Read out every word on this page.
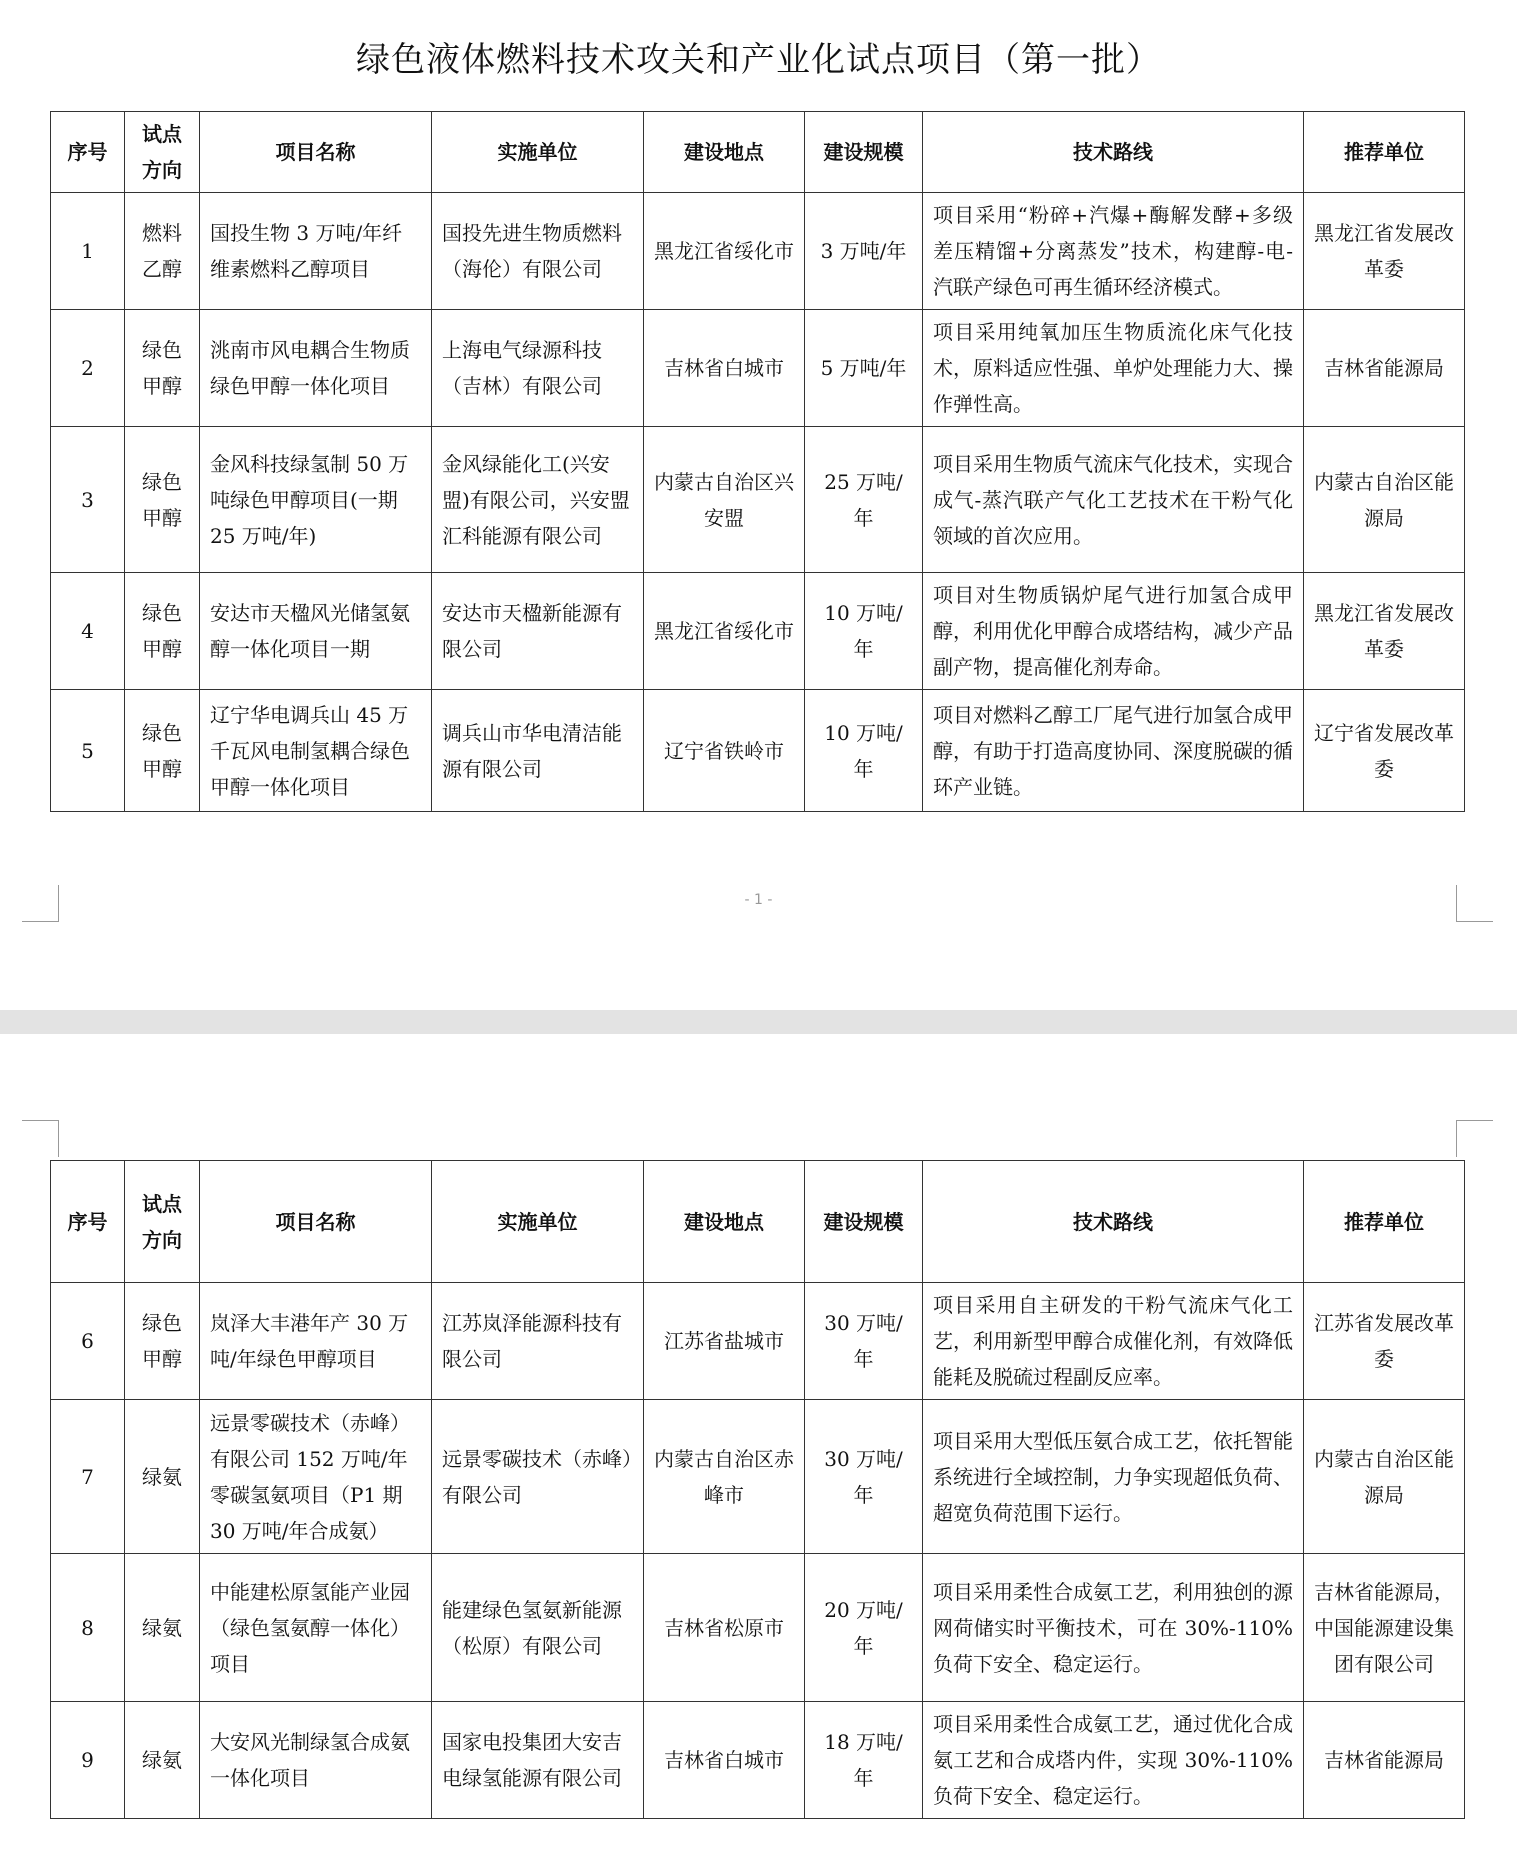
绿色液体燃料技术攻关和产业化试点项目（第一批）
序号	试点方向	项目名称	实施单位	建设地点	建设规模	技术路线	推荐单位
1	燃料乙醇	国投生物 3 万吨/年纤维素燃料乙醇项目	国投先进生物质燃料（海伦）有限公司	黑龙江省绥化市	3 万吨/年	项目采用“粉碎+汽爆+酶解发酵+多级差压精馏+分离蒸发”技术，构建醇-电-汽联产绿色可再生循环经济模式。	黑龙江省发展改革委
2	绿色甲醇	洮南市风电耦合生物质绿色甲醇一体化项目	上海电气绿源科技（吉林）有限公司	吉林省白城市	5 万吨/年	项目采用纯氧加压生物质流化床气化技术，原料适应性强、单炉处理能力大、操作弹性高。	吉林省能源局
3	绿色甲醇	金风科技绿氢制 50 万吨绿色甲醇项目(一期 25 万吨/年)	金风绿能化工(兴安盟)有限公司，兴安盟汇科能源有限公司	内蒙古自治区兴安盟	25 万吨/年	项目采用生物质气流床气化技术，实现合成气-蒸汽联产气化工艺技术在干粉气化领域的首次应用。	内蒙古自治区能源局
4	绿色甲醇	安达市天楹风光储氢氨醇一体化项目一期	安达市天楹新能源有限公司	黑龙江省绥化市	10 万吨/年	项目对生物质锅炉尾气进行加氢合成甲醇，利用优化甲醇合成塔结构，减少产品副产物，提高催化剂寿命。	黑龙江省发展改革委
5	绿色甲醇	辽宁华电调兵山 45 万千瓦风电制氢耦合绿色甲醇一体化项目	调兵山市华电清洁能源有限公司	辽宁省铁岭市	10 万吨/年	项目对燃料乙醇工厂尾气进行加氢合成甲醇，有助于打造高度协同、深度脱碳的循环产业链。	辽宁省发展改革委
- 1 -
序号	试点方向	项目名称	实施单位	建设地点	建设规模	技术路线	推荐单位
6	绿色甲醇	岚泽大丰港年产 30 万吨/年绿色甲醇项目	江苏岚泽能源科技有限公司	江苏省盐城市	30 万吨/年	项目采用自主研发的干粉气流床气化工艺，利用新型甲醇合成催化剂，有效降低能耗及脱硫过程副反应率。	江苏省发展改革委
7	绿氨	远景零碳技术（赤峰）有限公司 152 万吨/年零碳氢氨项目（P1 期 30 万吨/年合成氨）	远景零碳技术（赤峰）有限公司	内蒙古自治区赤峰市	30 万吨/年	项目采用大型低压氨合成工艺，依托智能系统进行全域控制，力争实现超低负荷、超宽负荷范围下运行。	内蒙古自治区能源局
8	绿氨	中能建松原氢能产业园（绿色氢氨醇一体化）项目	能建绿色氢氨新能源（松原）有限公司	吉林省松原市	20 万吨/年	项目采用柔性合成氨工艺，利用独创的源网荷储实时平衡技术，可在 30%-110%负荷下安全、稳定运行。	吉林省能源局，中国能源建设集团有限公司
9	绿氨	大安风光制绿氢合成氨一体化项目	国家电投集团大安吉电绿氢能源有限公司	吉林省白城市	18 万吨/年	项目采用柔性合成氨工艺，通过优化合成氨工艺和合成塔内件，实现 30%-110%负荷下安全、稳定运行。	吉林省能源局
